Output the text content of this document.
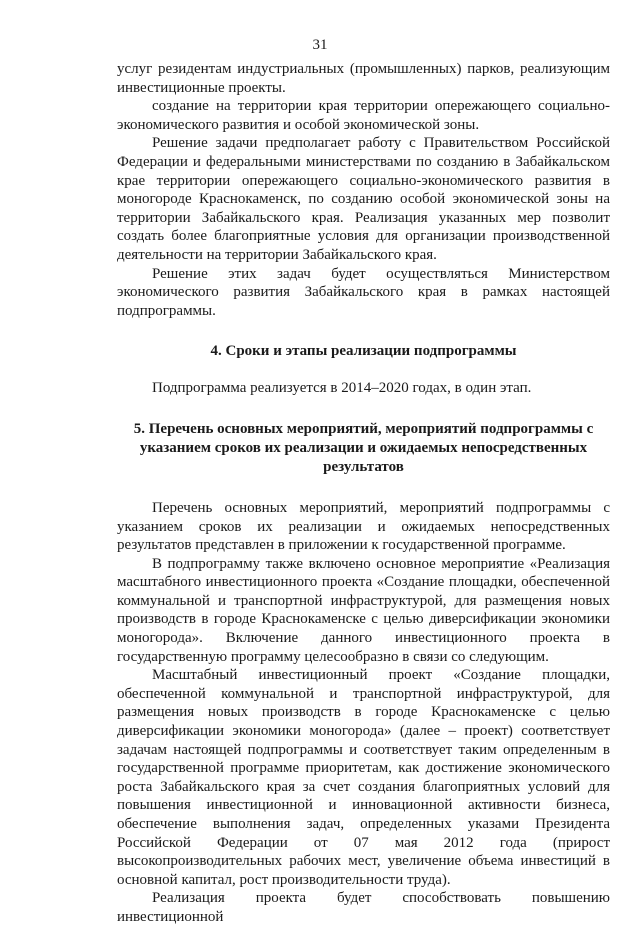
31

услуг резидентам индустриальных (промышленных) парков, реализующим инвестиционные проекты.

создание на территории края территории опережающего социально-экономического развития и особой экономической зоны.

Решение задачи предполагает работу с Правительством Российской Федерации и федеральными министерствами по созданию в Забайкальском крае территории опережающего социально-экономического развития в моногороде Краснокаменск, по созданию особой экономической зоны на территории Забайкальского края. Реализация указанных мер позволит создать более благоприятные условия для организации производственной деятельности на территории Забайкальского края.

Решение этих задач будет осуществляться Министерством экономического развития Забайкальского края в рамках настоящей подпрограммы.

4. Сроки и этапы реализации подпрограммы

Подпрограмма реализуется в 2014–2020 годах, в один этап.

5. Перечень основных мероприятий, мероприятий подпрограммы с указанием сроков их реализации и ожидаемых непосредственных результатов

Перечень основных мероприятий, мероприятий подпрограммы с указанием сроков их реализации и ожидаемых непосредственных результатов представлен в приложении к государственной программе.

В подпрограмму также включено основное мероприятие «Реализация масштабного инвестиционного проекта «Создание площадки, обеспеченной коммунальной и транспортной инфраструктурой, для размещения новых производств в городе Краснокаменске с целью диверсификации экономики моногорода». Включение данного инвестиционного проекта в государственную программу целесообразно в связи со следующим.

Масштабный инвестиционный проект «Создание площадки, обеспеченной коммунальной и транспортной инфраструктурой, для размещения новых производств в городе Краснокаменске с целью диверсификации экономики моногорода» (далее – проект) соответствует задачам настоящей подпрограммы и соответствует таким определенным в государственной программе приоритетам, как достижение экономического роста Забайкальского края за счет создания благоприятных условий для повышения инвестиционной и инновационной активности бизнеса, обеспечение выполнения задач, определенных указами Президента Российской Федерации от 07 мая 2012 года (прирост высокопроизводительных рабочих мест, увеличение объема инвестиций в основной капитал, рост производительности труда).

Реализация проекта будет способствовать повышению инвестиционной
